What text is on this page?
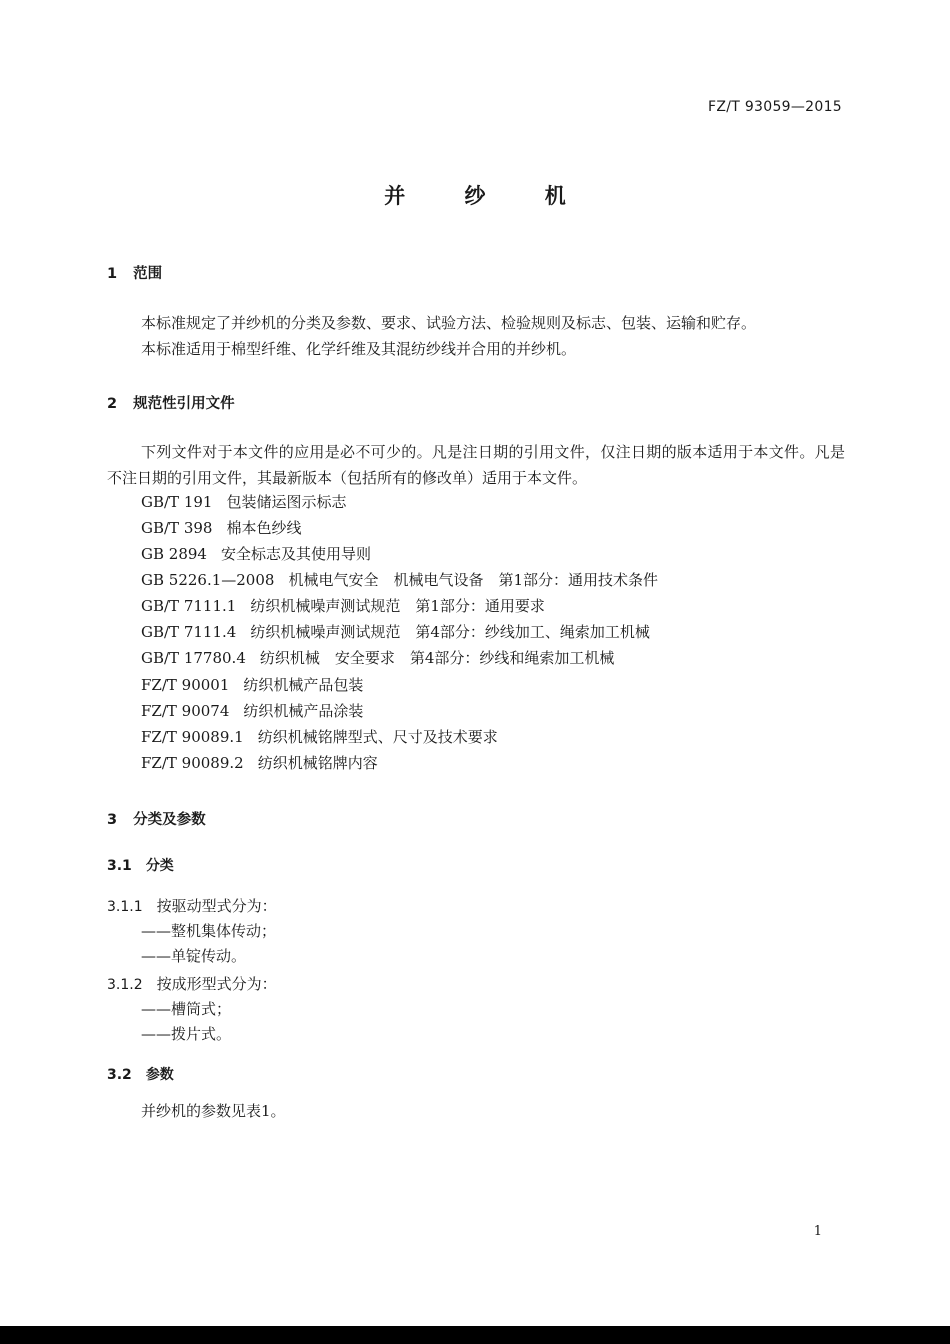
FZ/T 93059—2015
并 纱 机
1 范围
本标准规定了并纱机的分类及参数、要求、试验方法、检验规则及标志、包装、运输和贮存。
本标准适用于棉型纤维、化学纤维及其混纺纱线并合用的并纱机。
2 规范性引用文件
下列文件对于本文件的应用是必不可少的。凡是注日期的引用文件，仅注日期的版本适用于本文件。凡是不注日期的引用文件，其最新版本（包括所有的修改单）适用于本文件。
GB/T 191 包装储运图示标志
GB/T 398 棉本色纱线
GB 2894 安全标志及其使用导则
GB 5226.1—2008 机械电气安全　机械电气设备　第1部分：通用技术条件
GB/T 7111.1 纺织机械噪声测试规范　第1部分：通用要求
GB/T 7111.4 纺织机械噪声测试规范　第4部分：纱线加工、绳索加工机械
GB/T 17780.4 纺织机械　安全要求　第4部分：纱线和绳索加工机械
FZ/T 90001 纺织机械产品包装
FZ/T 90074 纺织机械产品涂装
FZ/T 90089.1 纺织机械铭牌型式、尺寸及技术要求
FZ/T 90089.2 纺织机械铭牌内容
3 分类及参数
3.1 分类
3.1.1 按驱动型式分为：
——整机集体传动；
——单锭传动。
3.1.2 按成形型式分为：
——槽筒式；
——拨片式。
3.2 参数
并纱机的参数见表1。
1
